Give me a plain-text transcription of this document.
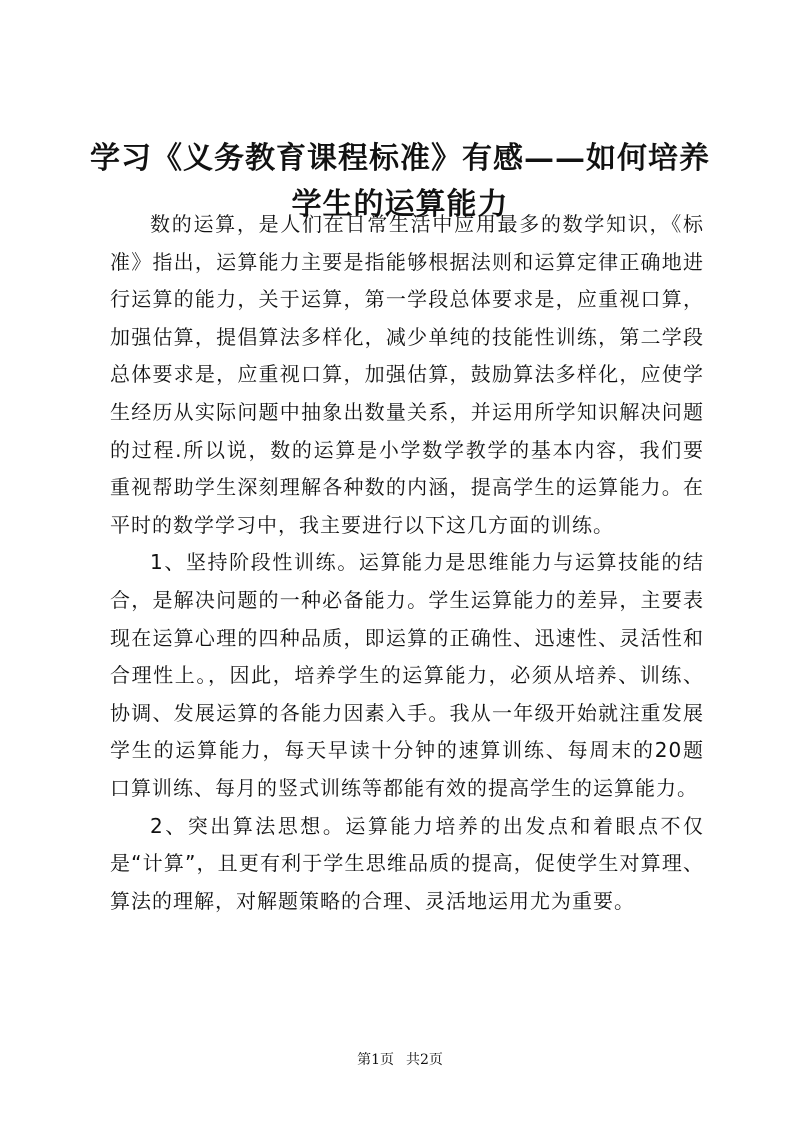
学习《义务教育课程标准》有感——如何培养学生的运算能力

数的运算，是人们在日常生活中应用最多的数学知识，《标准》指出，运算能力主要是指能够根据法则和运算定律正确地进行运算的能力，关于运算，第一学段总体要求是，应重视口算，加强估算，提倡算法多样化，减少单纯的技能性训练，第二学段总体要求是，应重视口算，加强估算，鼓励算法多样化，应使学生经历从实际问题中抽象出数量关系，并运用所学知识解决问题的过程.所以说，数的运算是小学数学教学的基本内容，我们要重视帮助学生深刻理解各种数的内涵，提高学生的运算能力。在平时的数学学习中，我主要进行以下这几方面的训练。

1、坚持阶段性训练。运算能力是思维能力与运算技能的结合，是解决问题的一种必备能力。学生运算能力的差异，主要表现在运算心理的四种品质，即运算的正确性、迅速性、灵活性和合理性上。，因此，培养学生的运算能力，必须从培养、训练、协调、发展运算的各能力因素入手。我从一年级开始就注重发展学生的运算能力，每天早读十分钟的速算训练、每周末的20题口算训练、每月的竖式训练等都能有效的提高学生的运算能力。

2、突出算法思想。运算能力培养的出发点和着眼点不仅是“计算”，且更有利于学生思维品质的提高，促使学生对算理、算法的理解，对解题策略的合理、灵活地运用尤为重要。

第1页 共2页
